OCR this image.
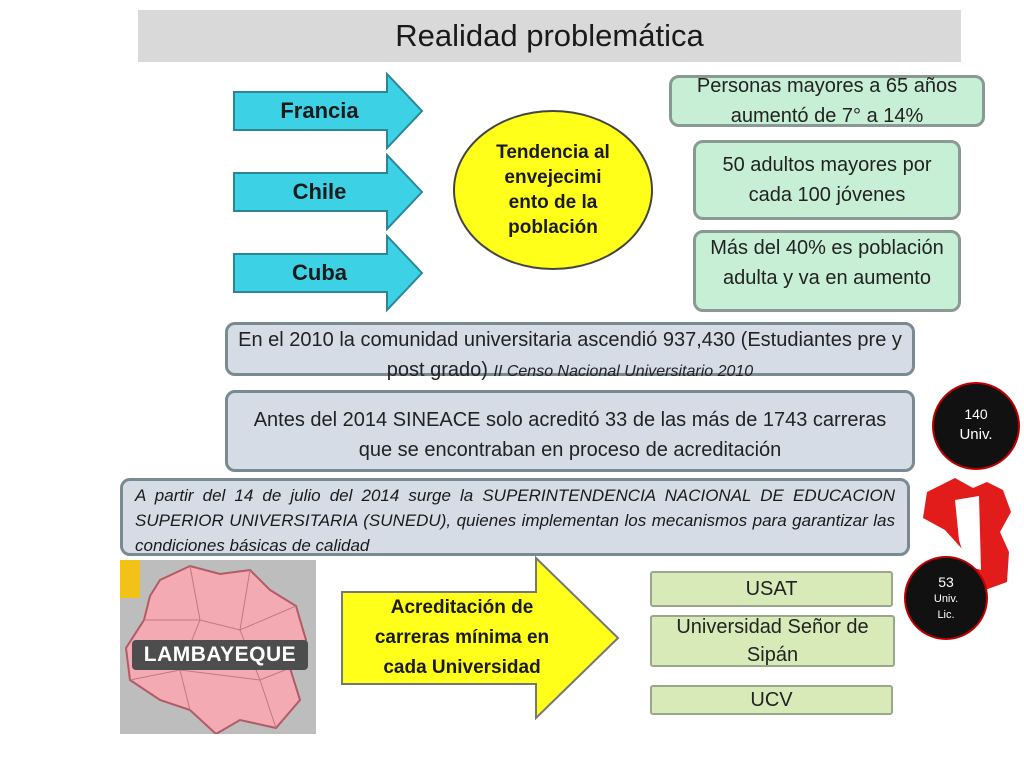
Realidad problemática
Francia
Chile
Cuba
Tendencia al envejecimi ento de la población
Personas mayores a 65 años aumentó de 7° a 14%
50 adultos mayores por cada 100 jóvenes
Más del 40% es población adulta y va en aumento
En el 2010 la comunidad universitaria ascendió 937,430 (Estudiantes pre y post grado) II Censo Nacional Universitario 2010
Antes del 2014 SINEACE solo acreditó 33 de las más de 1743 carreras que se encontraban en proceso de acreditación
140
Univ.
53
Univ.
Lic.
A partir del 14 de julio del 2014 surge la SUPERINTENDENCIA NACIONAL DE EDUCACION SUPERIOR UNIVERSITARIA (SUNEDU), quienes implementan los mecanismos para garantizar las condiciones básicas de calidad
LAMBAYEQUE
Acreditación de carreras mínima en cada Universidad
USAT
Universidad Señor de Sipán
UCV
